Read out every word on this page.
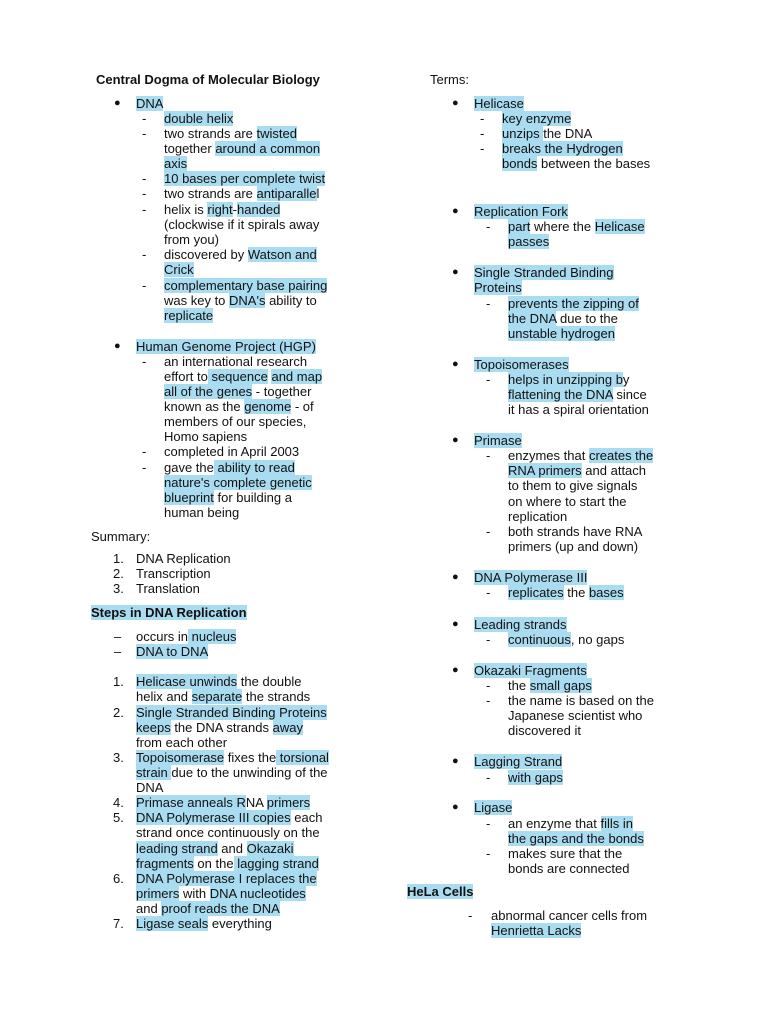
Central Dogma of Molecular Biology
● DNA
- double helix
- two strands are twisted
together around a common
axis
- 10 bases per complete twist
- two strands are antiparallel
- helix is right-handed
(clockwise if it spirals away
from you)
- discovered by Watson and
Crick
- complementary base pairing
was key to DNA's ability to
replicate
● Human Genome Project (HGP)
- an international research
effort to sequence and map
all of the genes - together
known as the genome - of
members of our species,
Homo sapiens
- completed in April 2003
- gave the ability to read
nature's complete genetic
blueprint for building a
human being
Summary:
1. DNA Replication
2. Transcription
3. Translation
Steps in DNA Replication
– occurs in nucleus
– DNA to DNA
1. Helicase unwinds the double
helix and separate the strands
2. Single Stranded Binding Proteins
keeps the DNA strands away
from each other
3. Topoisomerase fixes the torsional
strain due to the unwinding of the
DNA
4. Primase anneals RNA primers
5. DNA Polymerase III copies each
strand once continuously on the
leading strand and Okazaki
fragments on the lagging strand
6. DNA Polymerase I replaces the
primers with DNA nucleotides
and proof reads the DNA
7. Ligase seals everything
Terms:
● Helicase
- key enzyme
- unzips the DNA
- breaks the Hydrogen
bonds between the bases
● Replication Fork
- part where the Helicase
passes
● Single Stranded Binding
Proteins
- prevents the zipping of
the DNA due to the
unstable hydrogen
● Topoisomerases
- helps in unzipping by
flattening the DNA since
it has a spiral orientation
● Primase
- enzymes that creates the
RNA primers and attach
to them to give signals
on where to start the
replication
- both strands have RNA
primers (up and down)
● DNA Polymerase III
- replicates the bases
● Leading strands
- continuous, no gaps
● Okazaki Fragments
- the small gaps
- the name is based on the
Japanese scientist who
discovered it
● Lagging Strand
- with gaps
● Ligase
- an enzyme that fills in
the gaps and the bonds
- makes sure that the
bonds are connected
HeLa Cells
- abnormal cancer cells from
Henrietta Lacks
